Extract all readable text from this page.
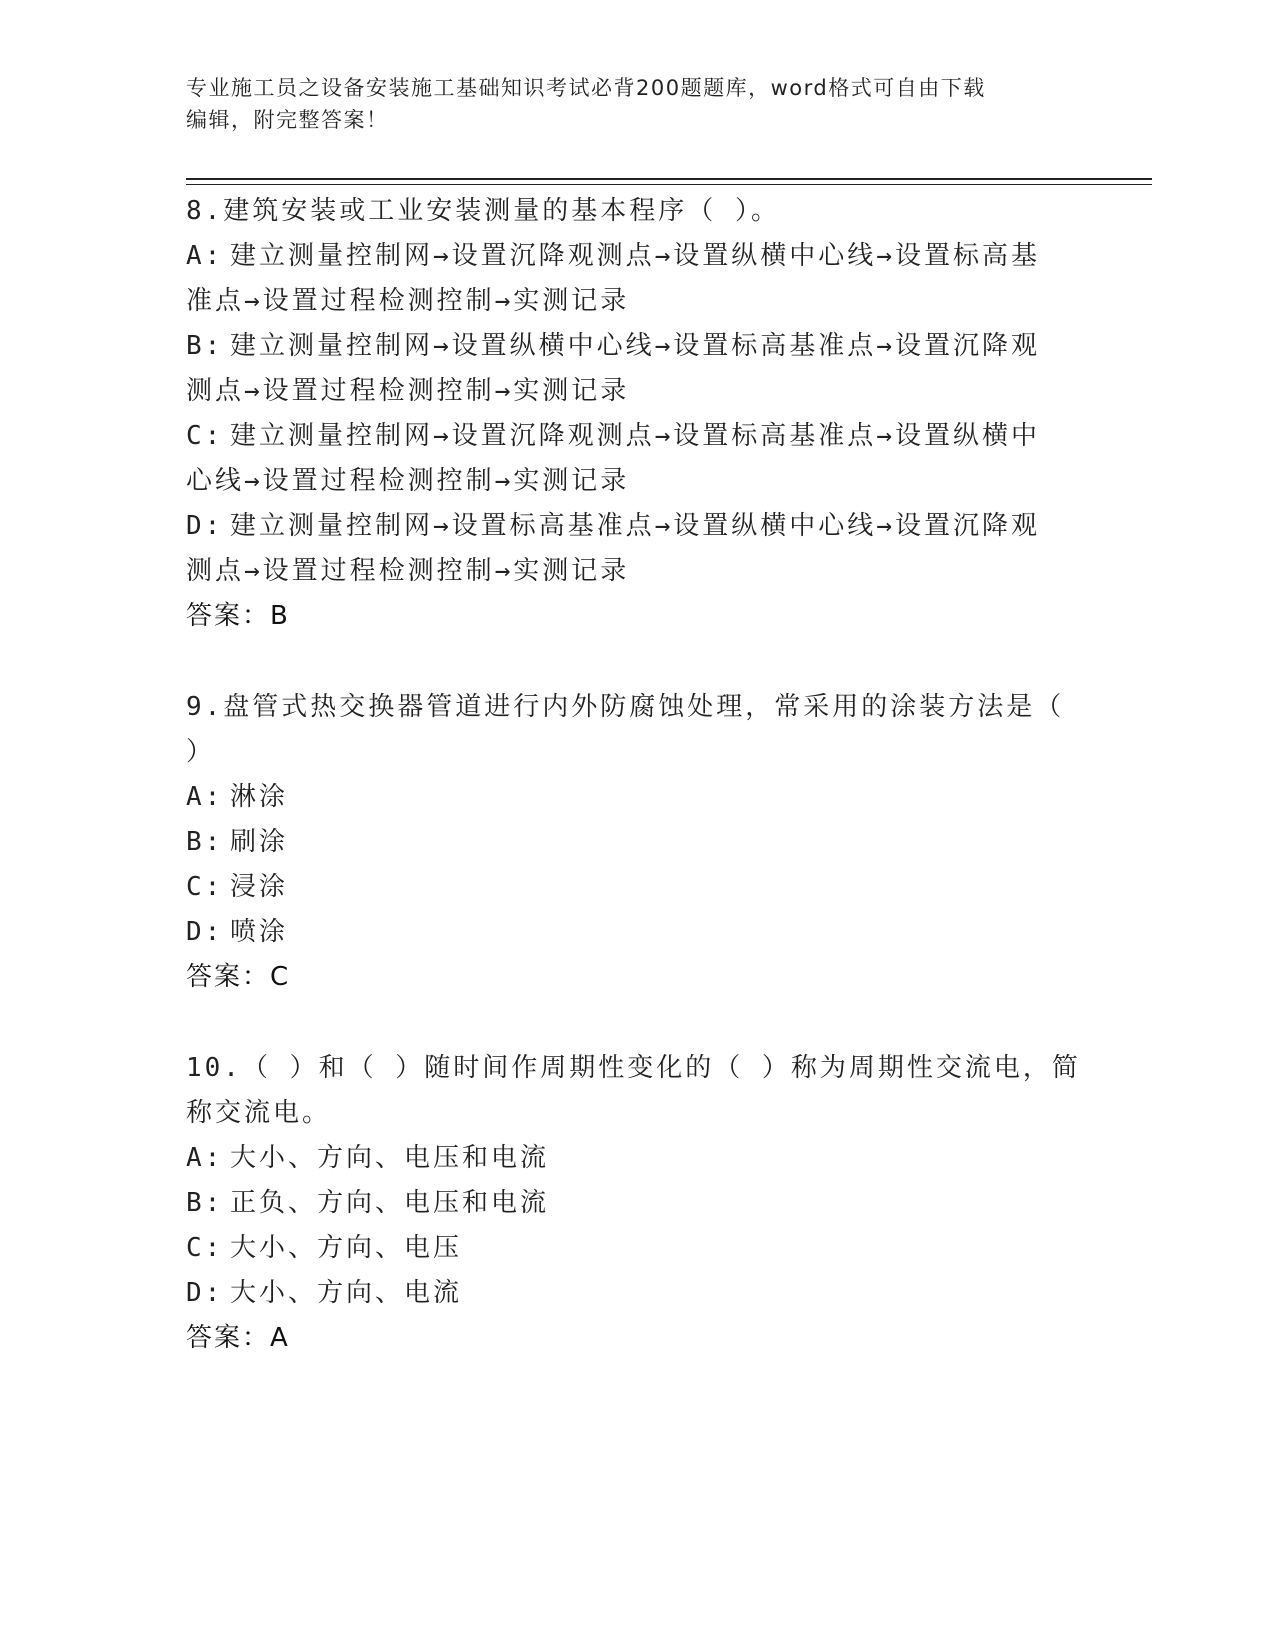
专业施工员之设备安装施工基础知识考试必背200题题库，word格式可自由下载
编辑，附完整答案！
8.建筑安装或工业安装测量的基本程序（ ）。
A: 建立测量控制网→设置沉降观测点→设置纵横中心线→设置标高基
准点→设置过程检测控制→实测记录
B: 建立测量控制网→设置纵横中心线→设置标高基准点→设置沉降观
测点→设置过程检测控制→实测记录
C: 建立测量控制网→设置沉降观测点→设置标高基准点→设置纵横中
心线→设置过程检测控制→实测记录
D: 建立测量控制网→设置标高基准点→设置纵横中心线→设置沉降观
测点→设置过程检测控制→实测记录
答案：B
9.盘管式热交换器管道进行内外防腐蚀处理，常采用的涂装方法是（
）
A: 淋涂
B: 刷涂
C: 浸涂
D: 喷涂
答案：C
10.（ ）和（ ）随时间作周期性变化的（ ）称为周期性交流电，简
称交流电。
A: 大小、方向、电压和电流
B: 正负、方向、电压和电流
C: 大小、方向、电压
D: 大小、方向、电流
答案：A
